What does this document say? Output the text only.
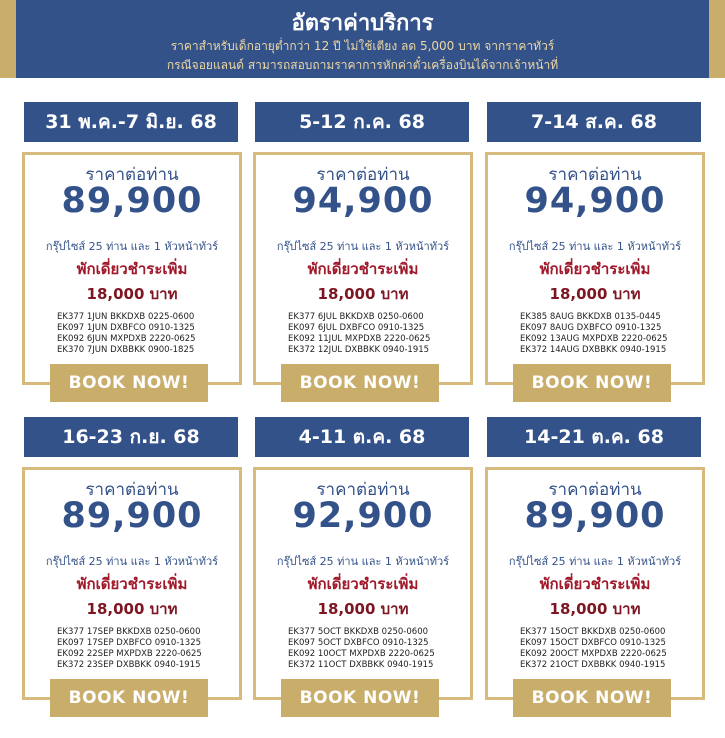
อัตราค่าบริการ
ราคาสำหรับเด็กอายุต่ำกว่า 12 ปี ไม่ใช้เตียง ลด 5,000 บาท จากราคาทัวร์
กรณีจอยแลนด์ สามารถสอบถามราคาการหักค่าตั๋วเครื่องบินได้จากเจ้าหน้าที่
31 พ.ค.-7 มิ.ย. 68
ราคาต่อท่าน
89,900
กรุ๊ปไซส์ 25 ท่าน และ 1 หัวหน้าทัวร์
พักเดี่ยวชำระเพิ่ม
18,000 บาท
EK377 1JUN BKKDXB 0225-0600
EK097 1JUN DXBFCO 0910-1325
EK092 6JUN MXPDXB 2220-0625
EK370 7JUN DXBBKK 0900-1825
BOOK NOW!
5-12 ก.ค. 68
ราคาต่อท่าน
94,900
กรุ๊ปไซส์ 25 ท่าน และ 1 หัวหน้าทัวร์
พักเดี่ยวชำระเพิ่ม
18,000 บาท
EK377 6JUL BKKDXB 0250-0600
EK097 6JUL DXBFCO 0910-1325
EK092 11JUL MXPDXB 2220-0625
EK372 12JUL DXBBKK 0940-1915
BOOK NOW!
7-14 ส.ค. 68
ราคาต่อท่าน
94,900
กรุ๊ปไซส์ 25 ท่าน และ 1 หัวหน้าทัวร์
พักเดี่ยวชำระเพิ่ม
18,000 บาท
EK385 8AUG BKKDXB 0135-0445
EK097 8AUG DXBFCO 0910-1325
EK092 13AUG MXPDXB 2220-0625
EK372 14AUG DXBBKK 0940-1915
BOOK NOW!
16-23 ก.ย. 68
ราคาต่อท่าน
89,900
กรุ๊ปไซส์ 25 ท่าน และ 1 หัวหน้าทัวร์
พักเดี่ยวชำระเพิ่ม
18,000 บาท
EK377 17SEP BKKDXB 0250-0600
EK097 17SEP DXBFCO 0910-1325
EK092 22SEP MXPDXB 2220-0625
EK372 23SEP DXBBKK 0940-1915
BOOK NOW!
4-11 ต.ค. 68
ราคาต่อท่าน
92,900
กรุ๊ปไซส์ 25 ท่าน และ 1 หัวหน้าทัวร์
พักเดี่ยวชำระเพิ่ม
18,000 บาท
EK377 5OCT BKKDXB 0250-0600
EK097 5OCT DXBFCO 0910-1325
EK092 10OCT MXPDXB 2220-0625
EK372 11OCT DXBBKK 0940-1915
BOOK NOW!
14-21 ต.ค. 68
ราคาต่อท่าน
89,900
กรุ๊ปไซส์ 25 ท่าน และ 1 หัวหน้าทัวร์
พักเดี่ยวชำระเพิ่ม
18,000 บาท
EK377 15OCT BKKDXB 0250-0600
EK097 15OCT DXBFCO 0910-1325
EK092 20OCT MXPDXB 2220-0625
EK372 21OCT DXBBKK 0940-1915
BOOK NOW!
